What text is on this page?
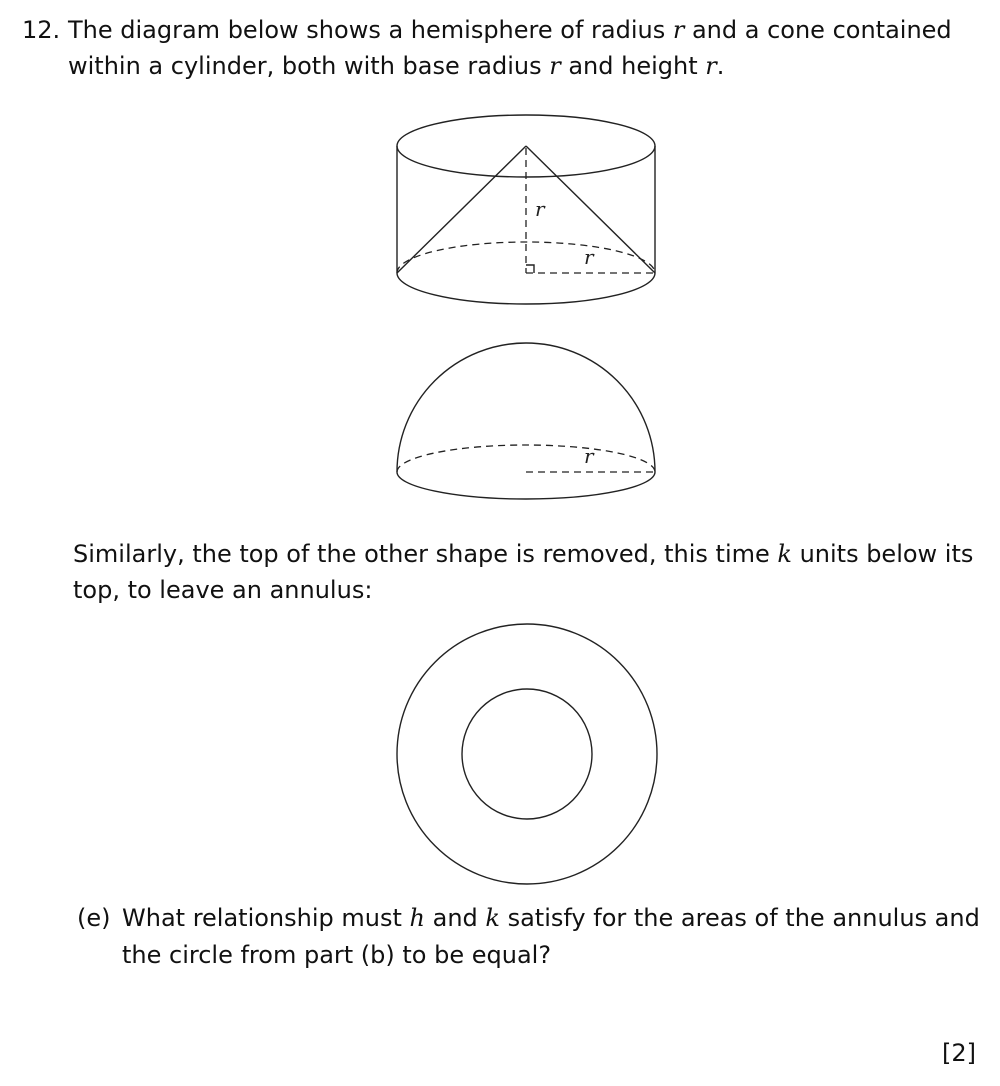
12. The diagram below shows a hemisphere of radius r and a cone contained within a cylinder, both with base radius r and height r.
r
r
r
Similarly, the top of the other shape is removed, this time k units below its top, to leave an annulus:
(e) What relationship must h and k satisfy for the areas of the annulus and the circle from part (b) to be equal?
[2]
